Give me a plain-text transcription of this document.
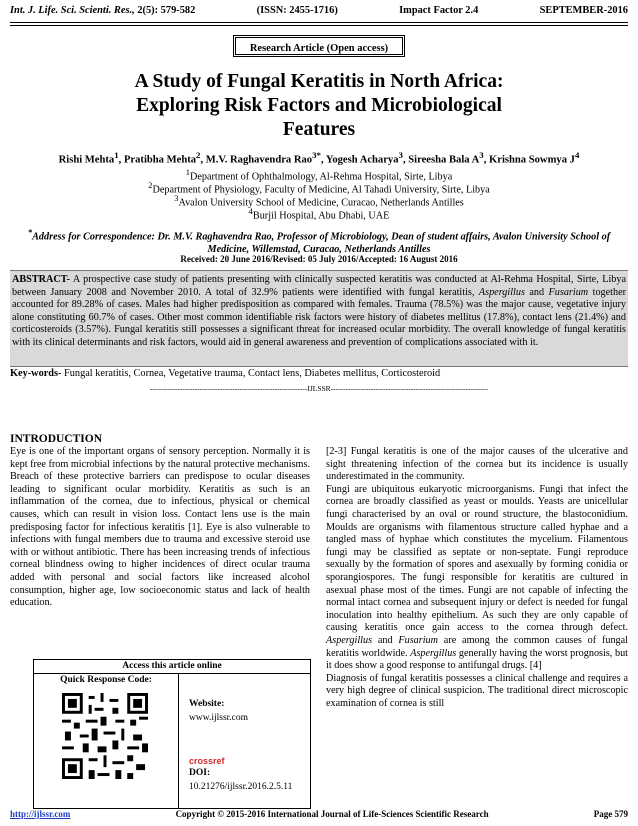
Int. J. Life. Sci. Scienti. Res., 2(5): 579-582	(ISSN: 2455-1716)	Impact Factor 2.4	SEPTEMBER-2016
Research Article (Open access)
A Study of Fungal Keratitis in North Africa:
Exploring Risk Factors and Microbiological
Features
Rishi Mehta$^1$, Pratibha Mehta$^2$, M.V. Raghavendra Rao$^{3*}$, Yogesh Acharya$^3$, Sireesha Bala $A^3$, Krishna Sowmya $J^4$
$^1$Department of Ophthalmology, Al-Rehma Hospital, Sirte, Libya
$^2$Department of Physiology, Faculty of Medicine, Al Tahadi University, Sirte, Libya
$^3$Avalon University School of Medicine, Curacao, Netherlands Antilles
$^4$Burjil Hospital, Abu Dhabi, UAE
*Address for Correspondence: Dr. M.V. Raghavendra Rao, Professor of Microbiology, Dean of student affairs, Avalon University School of Medicine, Willemstad, Curacao, Netherlands Antilles
Received: 20 June 2016/Revised: 05 July 2016/Accepted: 16 August 2016
ABSTRACT- A prospective case study of patients presenting with clinically suspected keratitis was conducted at Al-Rehma Hospital, Sirte, Libya between January 2008 and November 2010. A total of 32.9% patients were identified with fungal keratitis, Aspergillus and Fusarium together accounted for 89.28% of cases. Males had higher predisposition as compared with females. Trauma (78.5%) was the major cause, vegetative injury alone constituting 60.7% of cases. Other most common identifiable risk factors were history of diabetes mellitus (17.8%), contact lens (21.4%) and corticosteroids (3.57%). Fungal keratitis still possesses a significant threat for increased ocular morbidity. The overall knowledge of fungal keratitis with its clinical determinants and risk factors, would aid in general awareness and prevention of complications associated with it.
Key-words- Fungal keratitis, Cornea, Vegetative trauma, Contact lens, Diabetes mellitus, Corticosteroid
---------------------------------------------------------------IJLSSR---------------------------------------------------------------
INTRODUCTION

Eye is one of the important organs of sensory perception. Normally it is kept free from microbial infections by the natural protective mechanisms. Breach of these protective barriers can predispose to ocular diseases leading to significant ocular morbidity. Keratitis as such is an inflammation of the cornea, due to infectious, physical or chemical causes, which can result in vision loss. Contact lens use is the main predisposing factor for infectious keratitis [1]. Eye is also vulnerable to infections with fungal members due to trauma and excessive steroid use with or without antibiotic. There has been increasing trends of infectious corneal blindness owing to higher incidences of direct ocular trauma added with personal and social factors like increased alcohol consumption, higher age, low socioeconomic status and lack of health education.

[2-3] Fungal keratitis is one of the major causes of the ulcerative and sight threatening infection of the cornea but its incidence is usually underestimated in the community.

Fungi are ubiquitous eukaryotic microorganisms. Fungi that infect the cornea are broadly classified as yeast or moulds. Yeasts are unicellular fungi characterised by an oval or round structure, the blastoconidium. Moulds are organisms with filamentous structure called hyphae and a tangled mass of hyphae which constitutes the mycelium. Filamentous fungi may be classified as septate or non-septate. Fungi reproduce sexually by the formation of spores and asexually by forming conidia or sporangiospores. The fungi responsible for keratitis are cultured in asexual phase most of the times. Fungi are not capable of infecting the normal intact cornea and subsequent injury or defect is needed for fungal inoculation into healthy epithelium. As such they are only capable of causing keratitis once gain access to the cornea through defect. Aspergillus and Fusarium are among the common causes of fungal keratitis worldwide. Aspergillus generally having the worst prognosis, but it does show a good response to antifungal drugs. [4]

Diagnosis of fungal keratitis possesses a clinical challenge and requires a very high degree of clinical suspicion. The traditional direct microscopic examination of cornea is still

Access this article online
Quick Response Code:
Website:
www.ijlssr.com
crossref
DOI:
10.21276/ijlssr.2016.2.5.11
http://ijlssr.com	Copyright © 2015-2016 International Journal of Life-Sciences Scientific Research	Page 579
